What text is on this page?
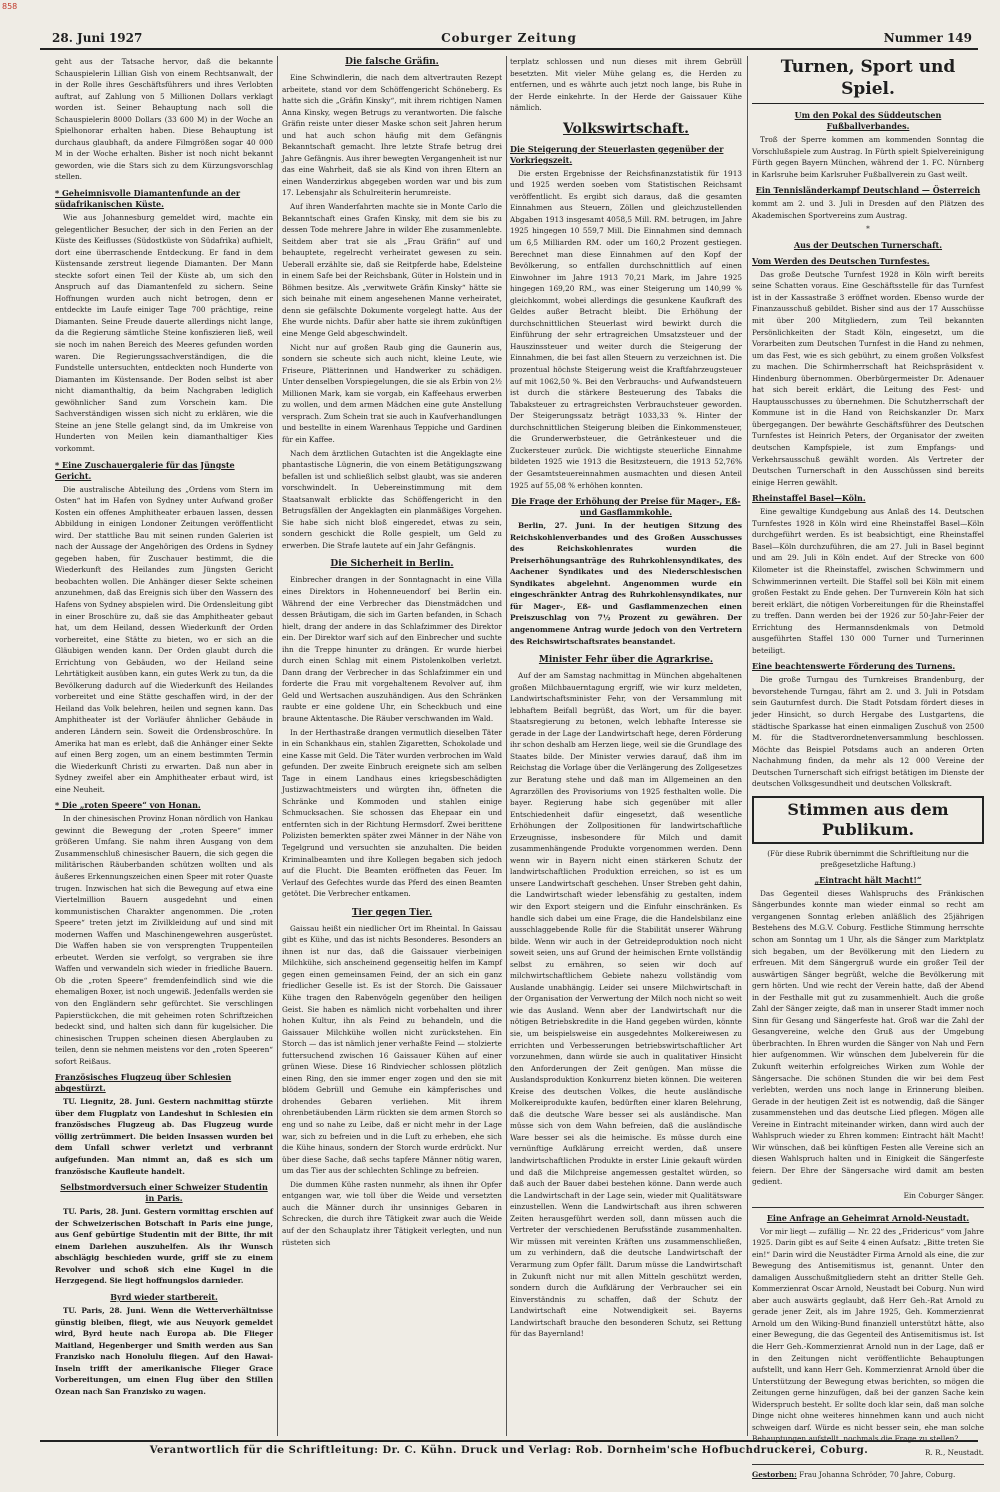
858
28. Juni 1927	Coburger Zeitung	Nummer 149

geht aus der Tatsache hervor, daß die bekannte Schauspielerin Lillian Gish von einem Rechtsanwalt, der in der Rolle ihres Geschäftsführers und ihres Verlobten auftrat, auf Zahlung von 5 Millionen Dollars verklagt worden ist. Seiner Behauptung nach soll die Schauspielerin 8000 Dollars (33 600 M) in der Woche an Spielhonorar erhalten haben. Diese Behauptung ist durchaus glaubhaft, da andere Filmgrößen sogar 40 000 M in der Woche erhalten. Bisher ist noch nicht bekannt geworden, wie die Stars sich zu dem Kürzungsvorschlag stellen.

* Geheimnisvolle Diamantenfunde an der südafrikanischen Küste.

Wie aus Johannesburg gemeldet wird, machte ein gelegentlicher Besucher, der sich in den Ferien an der Küste des Keiflusses (Südostküste von Südafrika) aufhielt, dort eine überraschende Entdeckung. Er fand in dem Küstensande zerstreut liegende Diamanten. Der Mann steckte sofort einen Teil der Küste ab, um sich den Anspruch auf das Diamantenfeld zu sichern. Seine Hoffnungen wurden auch nicht betrogen, denn er entdeckte im Laufe einiger Tage 700 prächtige, reine Diamanten. Seine Freude dauerte allerdings nicht lange, da die Regierung sämtliche Steine konfiszieren ließ, weil sie noch im nahen Bereich des Meeres gefunden worden waren. Die Regierungssachverständigen, die die Fundstelle untersuchten, entdeckten noch Hunderte von Diamanten im Küstensande. Der Boden selbst ist aber nicht diamanthaltig, da beim Nachgraben lediglich gewöhnlicher Sand zum Vorschein kam. Die Sachverständigen wissen sich nicht zu erklären, wie die Steine an jene Stelle gelangt sind, da im Umkreise von Hunderten von Meilen kein diamanthaltiger Kies vorkommt.

* Eine Zuschauergalerie für das Jüngste Gericht.

Die australische Abteilung des „Ordens vom Stern im Osten“ hat im Hafen von Sydney unter Aufwand großer Kosten ein offenes Amphitheater erbauen lassen, dessen Abbildung in einigen Londoner Zeitungen veröffentlicht wird. Der stattliche Bau mit seinen runden Galerien ist nach der Aussage der Angehörigen des Ordens in Sydney gegeben haben, für Zuschauer bestimmt, die die Wiederkunft des Heilandes zum Jüngsten Gericht beobachten wollen. Die Anhänger dieser Sekte scheinen anzunehmen, daß das Ereignis sich über den Wassern des Hafens von Sydney abspielen wird. Die Ordensleitung gibt in einer Broschüre zu, daß sie das Amphitheater gebaut hat, um dem Heiland, dessen Wiederkunft der Orden vorbereitet, eine Stätte zu bieten, wo er sich an die Gläubigen wenden kann. Der Orden glaubt durch die Errichtung von Gebäuden, wo der Heiland seine Lehrtätigkeit ausüben kann, ein gutes Werk zu tun, da die Bevölkerung dadurch auf die Wiederkunft des Heilandes vorbereitet und eine Stätte geschaffen wird, in der der Heiland das Volk belehren, heilen und segnen kann. Das Amphitheater ist der Vorläufer ähnlicher Gebäude in anderen Ländern sein. Soweit die Ordensbroschüre. In Amerika hat man es erlebt, daß die Anhänger einer Sekte auf einen Berg zogen, um an einem bestimmten Termin die Wiederkunft Christi zu erwarten. Daß nun aber in Sydney zweifel aber ein Amphitheater erbaut wird, ist eine Neuheit.

* Die „roten Speere“ von Honan.

In der chinesischen Provinz Honan nördlich von Hankau gewinnt die Bewegung der „roten Speere“ immer größeren Umfang. Sie nahm ihren Ausgang von dem Zusammenschluß chinesischer Bauern, die sich gegen die militärischen Räuberbanden schützen wollten und als äußeres Erkennungszeichen einen Speer mit roter Quaste trugen. Inzwischen hat sich die Bewegung auf etwa eine Viertelmillion Bauern ausgedehnt und einen kommunistischen Charakter angenommen. Die „roten Speere“ treten jetzt im Zivilkleidung auf und sind mit modernen Waffen und Maschinengewehren ausgerüstet. Die Waffen haben sie von versprengten Truppenteilen erbeutet. Werden sie verfolgt, so vergraben sie ihre Waffen und verwandeln sich wieder in friedliche Bauern. Ob die „roten Speere“ fremdenfeindlich sind wie die ehemaligen Boxer, ist noch ungewiß. Jedenfalls werden sie von den Engländern sehr gefürchtet. Sie verschlingen Papierstückchen, die mit geheimen roten Schriftzeichen bedeckt sind, und halten sich dann für kugelsicher. Die chinesischen Truppen scheinen diesen Aberglauben zu teilen, denn sie nehmen meistens vor den „roten Speeren“ sofort Reißaus.

Französisches Flugzeug über Schlesien abgestürzt.

TU. Liegnitz, 28. Juni. Gestern nachmittag stürzte über dem Flugplatz von Landeshut in Schlesien ein französisches Flugzeug ab. Das Flugzeug wurde völlig zertrümmert. Die beiden Insassen wurden bei dem Unfall schwer verletzt und verbrannt aufgefunden. Man nimmt an, daß es sich um französische Kaufleute handelt.

Selbstmordversuch einer Schweizer Studentin in Paris.

TU. Paris, 28. Juni. Gestern vormittag erschien auf der Schweizerischen Botschaft in Paris eine junge, aus Genf gebürtige Studentin mit der Bitte, ihr mit einem Darlehen auszuhelfen. Als ihr Wunsch abschlägig beschieden wurde, griff sie zu einem Revolver und schoß sich eine Kugel in die Herzgegend. Sie liegt hoffnungslos darnieder.

Byrd wieder startbereit.

TU. Paris, 28. Juni. Wenn die Wetterverhältnisse günstig bleiben, fliegt, wie aus Neuyork gemeldet wird, Byrd heute nach Europa ab. Die Flieger Maitland, Hegenberger und Smith werden aus San Franzisko nach Honolulu fliegen. Auf den Hawai-Inseln trifft der amerikanische Flieger Grace Vorbereitungen, um einen Flug über den Stillen Ozean nach San Franzisko zu wagen.

Die falsche Gräfin.

Eine Schwindlerin, die nach dem altvertrauten Rezept arbeitete, stand vor dem Schöffengericht Schöneberg. Es hatte sich die „Gräfin Kinsky“, mit ihrem richtigen Namen Anna Kinsky, wegen Betrugs zu verantworten. Die falsche Gräfin reiste unter dieser Maske schon seit Jahren herum und hat auch schon häufig mit dem Gefängnis Bekanntschaft gemacht. Ihre letzte Strafe betrug drei Jahre Gefängnis. Aus ihrer bewegten Vergangenheit ist nur das eine Wahrheit, daß sie als Kind von ihren Eltern an einen Wanderzirkus abgegeben worden war und bis zum 17. Lebensjahr als Schulreiterin herumreiste.

Auf ihren Wanderfahrten machte sie in Monte Carlo die Bekanntschaft eines Grafen Kinsky, mit dem sie bis zu dessen Tode mehrere Jahre in wilder Ehe zusammenlebte. Seitdem aber trat sie als „Frau Gräfin“ auf und behauptete, regelrecht verheiratet gewesen zu sein. Ueberall erzählte sie, daß sie Reitpferde habe, Edelsteine in einem Safe bei der Reichsbank, Güter in Holstein und in Böhmen besitze. Als „verwitwete Gräfin Kinsky“ hätte sie sich beinahe mit einem angesehenen Manne verheiratet, denn sie gefälschte Dokumente vorgelegt hatte. Aus der Ehe wurde nichts. Dafür aber hatte sie ihrem zukünftigen eine Menge Geld abgeschwindelt.

Nicht nur auf großen Raub ging die Gaunerin aus, sondern sie scheute sich auch nicht, kleine Leute, wie Friseure, Plätterinnen und Handwerker zu schädigen. Unter denselben Vorspiegelungen, die sie als Erbin von 2½ Millionen Mark, kam sie vorgab, ein Kaffeehaus erwerben zu wollen, und dem armen Mädchen eine gute Anstellung versprach. Zum Schein trat sie auch in Kaufverhandlungen und bestellte in einem Warenhaus Teppiche und Gardinen für ein Kaffee.

Nach dem ärztlichen Gutachten ist die Angeklagte eine phantastische Lügnerin, die von einem Betätigungszwang befallen ist und schließlich selbst glaubt, was sie anderen vorschwindelt. In Uebereinstimmung mit dem Staatsanwalt erblickte das Schöffengericht in den Betrugsfällen der Angeklagten ein planmäßiges Vorgehen. Sie habe sich nicht bloß eingeredet, etwas zu sein, sondern geschickt die Rolle gespielt, um Geld zu erwerben. Die Strafe lautete auf ein Jahr Gefängnis.

Die Sicherheit in Berlin.

Einbrecher drangen in der Sonntagnacht in eine Villa eines Direktors in Hohenneuendorf bei Berlin ein. Während der eine Verbrecher das Dienstmädchen und dessen Bräutigam, die sich im Garten befanden, in Schach hielt, drang der andere in das Schlafzimmer des Direktor ein. Der Direktor warf sich auf den Einbrecher und suchte ihn die Treppe hinunter zu drängen. Er wurde hierbei durch einen Schlag mit einem Pistolenkolben verletzt. Dann drang der Verbrecher in das Schlafzimmer ein und forderte die Frau mit vorgehaltenem Revolver auf, ihm Geld und Wertsachen auszuhändigen. Aus den Schränken raubte er eine goldene Uhr, ein Scheckbuch und eine braune Aktentasche. Die Räuber verschwanden im Wald.

In der Herthastraße drangen vermutlich dieselben Täter in ein Schankhaus ein, stahlen Zigaretten, Schokolade und eine Kasse mit Geld. Die Täter wurden verbrochen im Wald gefunden. Der zweite Einbruch ereignete sich am selben Tage in einem Landhaus eines kriegsbeschädigten Justizwachtmeisters und würgten ihn, öffneten die Schränke und Kommoden und stahlen einige Schmucksachen. Sie schossen das Ehepaar ein und entfernten sich in der Richtung Hermsdorf. Zwei berittene Polizisten bemerkten später zwei Männer in der Nähe von Tegelgrund und versuchten sie anzuhalten. Die beiden Kriminalbeamten und ihre Kollegen begaben sich jedoch auf die Flucht. Die Beamten eröffneten das Feuer. Im Verlauf des Gefechtes wurde das Pferd des einen Beamten getötet. Die Verbrecher entkamen.

Tier gegen Tier.

Gaissau heißt ein niedlicher Ort im Rheintal. In Gaissau gibt es Kühe, und das ist nichts Besonderes. Besonders an ihnen ist nur das, daß die Gaissauer vierbeinigen Milchkühe, sich anscheinend gegenseitig helfen im Kampf gegen einen gemeinsamen Feind, der an sich ein ganz friedlicher Geselle ist. Es ist der Storch. Die Gaissauer Kühe tragen den Rabenvögeln gegenüber den heiligen Geist. Sie haben es nämlich nicht vorbehalten und ihrer hohen Kultur, ihn als Feind zu behandeln, und die Gaissauer Milchkühe wollen nicht zurückstehen. Ein Storch — das ist nämlich jener verhaßte Feind — stolzierte futtersuchend zwischen 16 Gaissauer Kühen auf einer grünen Wiese. Diese 16 Rindviecher schlossen plötzlich einen Ring, den sie immer enger zogen und den sie mit blödem Gebrüll und Gemuhe ein kämpferisches und drohendes Gebaren verliehen. Mit ihrem ohrenbetäubenden Lärm rückten sie dem armen Storch so eng und so nahe zu Leibe, daß er nicht mehr in der Lage war, sich zu befreien und in die Luft zu erheben, ehe sich die Kühe hinaus, sondern der Storch wurde erdrückt. Nur über diese Sache, daß sechs tapfere Männer nötig waren, um das Tier aus der schlechten Schlinge zu befreien.

Die dummen Kühe rasten nunmehr, als ihnen ihr Opfer entgangen war, wie toll über die Weide und versetzten auch die Männer durch ihr unsinniges Gebaren in Schrecken, die durch ihre Tätigkeit zwar auch die Weide auf der den Schauplatz ihrer Tätigkeit verlegten, und nun rüsteten sich

terplatz schlossen und nun dieses mit ihrem Gebrüll besetzten. Mit vieler Mühe gelang es, die Herden zu entfernen, und es währte auch jetzt noch lange, bis Ruhe in der Herde einkehrte. In der Herde der Gaissauer Kühe nämlich.

Volkswirtschaft.
Die Steigerung der Steuerlasten gegenüber der Vorkriegszeit.

Die ersten Ergebnisse der Reichsfinanzstatistik für 1913 und 1925 werden soeben vom Statistischen Reichsamt veröffentlicht. Es ergibt sich daraus, daß die gesamten Einnahmen aus Steuern, Zöllen und gleichzustellenden Abgaben 1913 insgesamt 4058,5 Mill. RM. betrugen, im Jahre 1925 hingegen 10 559,7 Mill. Die Einnahmen sind demnach um 6,5 Milliarden RM. oder um 160,2 Prozent gestiegen. Berechnet man diese Einnahmen auf den Kopf der Bevölkerung, so entfallen durchschnittlich auf einen Einwohner im Jahre 1913 70,21 Mark, im Jahre 1925 hingegen 169,20 RM., was einer Steigerung um 140,99 % gleichkommt, wobei allerdings die gesunkene Kaufkraft des Geldes außer Betracht bleibt. Die Erhöhung der durchschnittlichen Steuerlast wird bewirkt durch die Einführung der sehr ertragreichen Umsatzsteuer und der Hauszinssteuer und weiter durch die Steigerung der Einnahmen, die bei fast allen Steuern zu verzeichnen ist. Die prozentual höchste Steigerung weist die Kraftfahrzeugsteuer auf mit 1062,50 %. Bei den Verbrauchs- und Aufwandsteuern ist durch die stärkere Besteuerung des Tabaks die Tabaksteuer zu ertragreichsten Verbrauchsteuer geworden. Der Steigerungssatz beträgt 1033,33 %. Hinter der durchschnittlichen Steigerung bleiben die Einkommensteuer, die Grunderwerbsteuer, die Getränkesteuer und die Zuckersteuer zurück. Die wichtigste steuerliche Einnahme bildeten 1925 wie 1913 die Besitzsteuern, die 1913 52,76% der Gesamtsteuereinnahmen ausmachten und diesen Anteil 1925 auf 55,08 % erhöhen konnten.

Die Frage der Erhöhung der Preise für Mager-, Eß- und Gasflammkohle.

Berlin, 27. Juni. In der heutigen Sitzung des Reichskohlenverbandes und des Großen Ausschusses des Reichskohlenrates wurden die Preiserhöhungsanträge des Ruhrkohlensyndikates, des Aachener Syndikates und des Niederschlesischen Syndikates abgelehnt. Angenommen wurde ein eingeschränkter Antrag des Ruhrkohlensyndikates, nur für Mager-, Eß- und Gasflammenzechen einen Preiszuschlag von 7½ Prozent zu gewähren. Der angenommene Antrag wurde jedoch von den Vertretern des Reichswirtschaftsrates beanstandet.

Minister Fehr über die Agrarkrise.

Auf der am Samstag nachmittag in München abgehaltenen großen Milchbauerntagung ergriff, wie wir kurz meldeten, Landwirtschaftsminister Fehr, von der Versammlung mit lebhaftem Beifall begrüßt, das Wort, um für die bayer. Staatsregierung zu betonen, welch lebhafte Interesse sie gerade in der Lage der Landwirtschaft hege, deren Förderung ihr schon deshalb am Herzen liege, weil sie die Grundlage des Staates bilde. Der Minister verwies darauf, daß ihm im Reichstag die Vorlage über die Verlängerung des Zollgesetzes zur Beratung stehe und daß man im Allgemeinen an den Agrarzöllen des Provisoriums von 1925 festhalten wolle. Die bayer. Regierung habe sich gegenüber mit aller Entschiedenheit dafür eingesetzt, daß wesentliche Erhöhungen der Zollpositionen für landwirtschaftliche Erzeugnisse, insbesondere für Milch und damit zusammenhängende Produkte vorgenommen werden. Denn wenn wir in Bayern nicht einen stärkeren Schutz der landwirtschaftlichen Produktion erreichen, so ist es um unsere Landwirtschaft geschehen. Unser Streben geht dahin, die Landwirtschaft wieder lebensfähig zu gestalten, indem wir den Export steigern und die Einfuhr einschränken. Es handle sich dabei um eine Frage, die die Handelsbilanz eine ausschlaggebende Rolle für die Stabilität unserer Währung bilde. Wenn wir auch in der Getreideproduktion noch nicht soweit seien, uns auf Grund der heimischen Ernte vollständig selbst zu ernähren, so seien wir doch auf milchwirtschaftlichem Gebiete nahezu vollständig vom Auslande unabhängig. Leider sei unsere Milchwirtschaft in der Organisation der Verwertung der Milch noch nicht so weit wie das Ausland. Wenn aber der Landwirtschaft nur die nötigen Betriebskredite in die Hand gegeben würden, könnte sie, um beispielsweise ein ausgedehntes Molkereiwesen zu errichten und Verbesserungen betriebswirtschaftlicher Art vorzunehmen, dann würde sie auch in qualitativer Hinsicht den Anforderungen der Zeit genügen. Man müsse die Auslandsproduktion Konkurrenz bieten können. Die weiteren Kreise des deutschen Volkes, die heute ausländische Molkereiprodukte kaufen, bedürften einer klaren Belehrung, daß die deutsche Ware besser sei als ausländische. Man müsse sich von dem Wahn befreien, daß die ausländische Ware besser sei als die heimische. Es müsse durch eine vernünftige Aufklärung erreicht werden, daß unsere landwirtschaftlichen Produkte in erster Linie gekauft würden und daß die Milchpreise angemessen gestaltet würden, so daß auch der Bauer dabei bestehen könne. Dann werde auch die Landwirtschaft in der Lage sein, wieder mit Qualitätsware einzustellen. Wenn die Landwirtschaft aus ihren schweren Zeiten herausgeführt werden soll, dann müssen auch die Vertreter der verschiedenen Berufsstände zusammenhalten. Wir müssen mit vereinten Kräften uns zusammenschließen, um zu verhindern, daß die deutsche Landwirtschaft der Verarmung zum Opfer fällt. Darum müsse die Landwirtschaft in Zukunft nicht nur mit allen Mitteln geschützt werden, sondern durch die Aufklärung der Verbraucher sei ein Einverständnis zu schaffen, daß der Schutz der Landwirtschaft eine Notwendigkeit sei. Bayerns Landwirtschaft brauche den besonderen Schutz, sei Rettung für das Bayernland!

Turnen, Sport und Spiel.
Um den Pokal des Süddeutschen Fußballverbandes.

Troß der Sperre kommen am kommenden Sonntag die Vorschlußspiele zum Austrag. In Fürth spielt Spielvereinigung Fürth gegen Bayern München, während der 1. FC. Nürnberg in Karlsruhe beim Karlsruher Fußballverein zu Gast weilt.

Ein Tennisländerkampf Deutschland — Österreich

kommt am 2. und 3. Juli in Dresden auf den Plätzen des Akademischen Sportvereins zum Austrag.

*
Aus der Deutschen Turnerschaft.
Vom Werden des Deutschen Turnfestes.

Das große Deutsche Turnfest 1928 in Köln wirft bereits seine Schatten voraus. Eine Geschäftsstelle für das Turnfest ist in der Kassastraße 3 eröffnet worden. Ebenso wurde der Finanzausschuß gebildet. Bisher sind aus der 17 Ausschüsse mit über 200 Mitgliedern, zum Teil bekannten Persönlichkeiten der Stadt Köln, eingesetzt, um die Vorarbeiten zum Deutschen Turnfest in die Hand zu nehmen, um das Fest, wie es sich gebührt, zu einem großen Volksfest zu machen. Die Schirmherrschaft hat Reichspräsident v. Hindenburg übernommen. Oberbürgermeister Dr. Adenauer hat sich bereit erklärt, die Leitung des Fest- und Hauptausschusses zu übernehmen. Die Schutzherrschaft der Kommune ist in die Hand von Reichskanzler Dr. Marx übergegangen. Der bewährte Geschäftsführer des Deutschen Turnfestes ist Heinrich Peters, der Organisator der zweiten deutschen Kampfspiele, ist zum Empfangs- und Verkehrsausschuß gewählt worden. Als Vertreter der Deutschen Turnerschaft in den Ausschüssen sind bereits einige Herren gewählt.

Rheinstaffel Basel—Köln.

Eine gewaltige Kundgebung aus Anlaß des 14. Deutschen Turnfestes 1928 in Köln wird eine Rheinstaffel Basel—Köln durchgeführt werden. Es ist beabsichtigt, eine Rheinstaffel Basel—Köln durchzuführen, die am 27. Juli in Basel beginnt und am 29. Juli in Köln endet. Auf der Strecke von 600 Kilometer ist die Rheinstaffel, zwischen Schwimmern und Schwimmerinnen verteilt. Die Staffel soll bei Köln mit einem großen Festakt zu Ende gehen. Der Turnverein Köln hat sich bereit erklärt, die nötigen Vorbereitungen für die Rheinstaffel zu treffen. Dann werden bei der 1926 zur 50-Jahr-Feier der Errichtung des Hermannsdenkmals von Detmold ausgeführten Staffel 130 000 Turner und Turnerinnen beteiligt.

Eine beachtenswerte Förderung des Turnens.

Die große Turngau des Turnkreises Brandenburg, der bevorstehende Turngau, fährt am 2. und 3. Juli in Potsdam sein Gauturnfest durch. Die Stadt Potsdam fördert dieses in jeder Hinsicht, so durch Hergabe des Lustgartens, die städtische Sparkasse hat einen einmaligen Zuschuß von 2500 M. für die Stadtverordnetenversammlung beschlossen. Möchte das Beispiel Potsdams auch an anderen Orten Nachahmung finden, da mehr als 12 000 Vereine der Deutschen Turnerschaft sich eifrigst betätigen im Dienste der deutschen Volksgesundheit und deutschen Volkskraft.

Stimmen aus dem Publikum.
(Für diese Rubrik übernimmt die Schriftleitung nur die preßgesetzliche Haftung.)
„Eintracht hält Macht!“

Das Gegenteil dieses Wahlspruchs des Fränkischen Sängerbundes konnte man wieder einmal so recht am vergangenen Sonntag erleben anläßlich des 25jährigen Bestehens des M.G.V. Coburg. Festliche Stimmung herrschte schon am Sonntag um 1 Uhr, als die Sänger zum Marktplatz sich begaben, um der Bevölkerung mit den Liedern zu erfreuen. Mit dem Sängergruß wurde ein großer Teil der auswärtigen Sänger begrüßt, welche die Bevölkerung mit gern hörten. Und wie recht der Verein hatte, daß der Abend in der Festhalle mit gut zu zusammenhielt. Auch die große Zahl der Sänger zeigte, daß man in unserer Stadt immer noch Sinn für Gesang und Sängerfeste hat. Groß war die Zahl der Gesangvereine, welche den Gruß aus der Umgebung überbrachten. In Ehren wurden die Sänger von Nah und Fern hier aufgenommen. Wir wünschen dem Jubelverein für die Zukunft weiterhin erfolgreiches Wirken zum Wohle der Sängersache. Die schönen Stunden die wir bei dem Fest verlebten, werden uns noch lange in Erinnerung bleiben. Gerade in der heutigen Zeit ist es notwendig, daß die Sänger zusammenstehen und das deutsche Lied pflegen. Mögen alle Vereine in Eintracht miteinander wirken, dann wird auch der Wahlspruch wieder zu Ehren kommen: Eintracht hält Macht! Wir wünschen, daß bei künftigen Festen alle Vereine sich an diesen Wahlspruch halten und in Einigkeit die Sängerfeste feiern. Der Ehre der Sängersache wird damit am besten gedient.

Ein Coburger Sänger.
Eine Anfrage an Geheimrat Arnold-Neustadt.

Vor mir liegt — zufällig — Nr. 22 des „Fridericus“ vom Jahre 1925. Darin gibt es auf Seite 4 einen Aufsatz: „Bitte treten Sie ein!“ Darin wird die Neustädter Firma Arnold als eine, die zur Bewegung des Antisemitismus ist, genannt. Unter den damaligen Ausschußmitgliedern steht an dritter Stelle Geh. Kommerzienrat Oscar Arnold, Neustadt bei Coburg. Nun wird aber auch auswärts geglaubt, daß Herr Geh.-Rat Arnold zu gerade jener Zeit, als im Jahre 1925, Geh. Kommerzienrat Arnold um den Wiking-Bund finanziell unterstützt hätte, also einer Bewegung, die das Gegenteil des Antisemitismus ist. Ist die Herr Geh.-Kommerzienrat Arnold nun in der Lage, daß er in den Zeitungen nicht veröffentlichte Behauptungen aufstellt, und kann Herr Geh. Kommerzienrat Arnold über die Unterstützung der Bewegung etwas berichten, so mögen die Zeitungen gerne hinzufügen, daß bei der ganzen Sache kein Widerspruch besteht. Er sollte doch klar sein, daß man solche Dinge nicht ohne weiteres hinnehmen kann und auch nicht schweigen darf. Würde es nicht besser sein, ehe man solche Behauptungen aufstellt, nochmals die Frage zu stellen?

R. R., Neustadt.

Gestorben: Frau Johanna Schröder, 70 Jahre, Coburg.

Verantwortlich für die Schriftleitung: Dr. C. Kühn. Druck und Verlag: Rob. Dornheim'sche Hofbuchdruckerei, Coburg.
